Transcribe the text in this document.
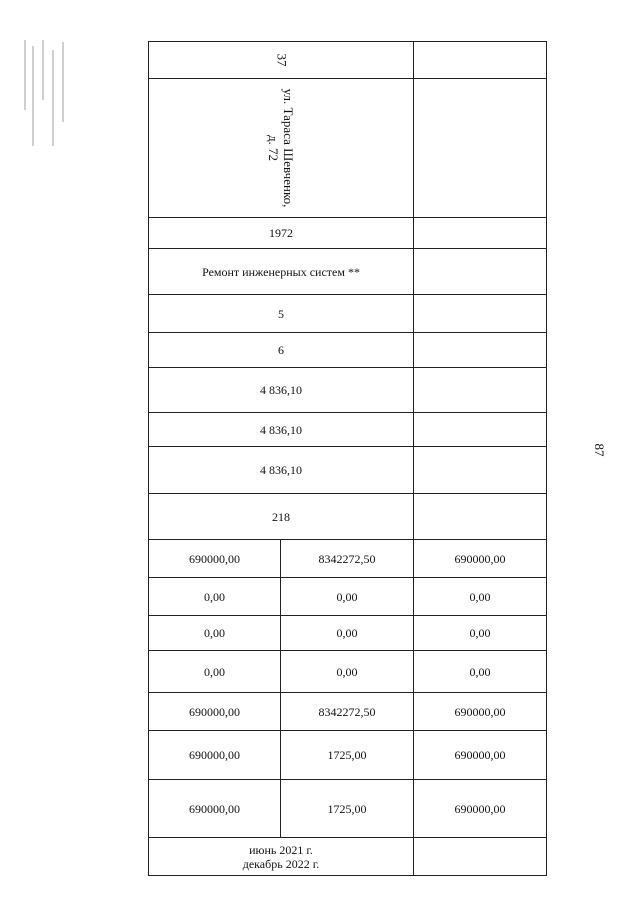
87
37		

ул. Тараса Шевченко, д. 72		

1972		
Ремонт инженерных систем **		
5		
6		
4 836,10		
4 836,10		
4 836,10		
218		
690000,00	8342272,50	690000,00
0,00	0,00	0,00
0,00	0,00	0,00
0,00	0,00	0,00
690000,00	8342272,50	690000,00
690000,00	1725,00	690000,00
690000,00	1725,00	690000,00

июнь 2021 г.
декабрь 2022 г.		
